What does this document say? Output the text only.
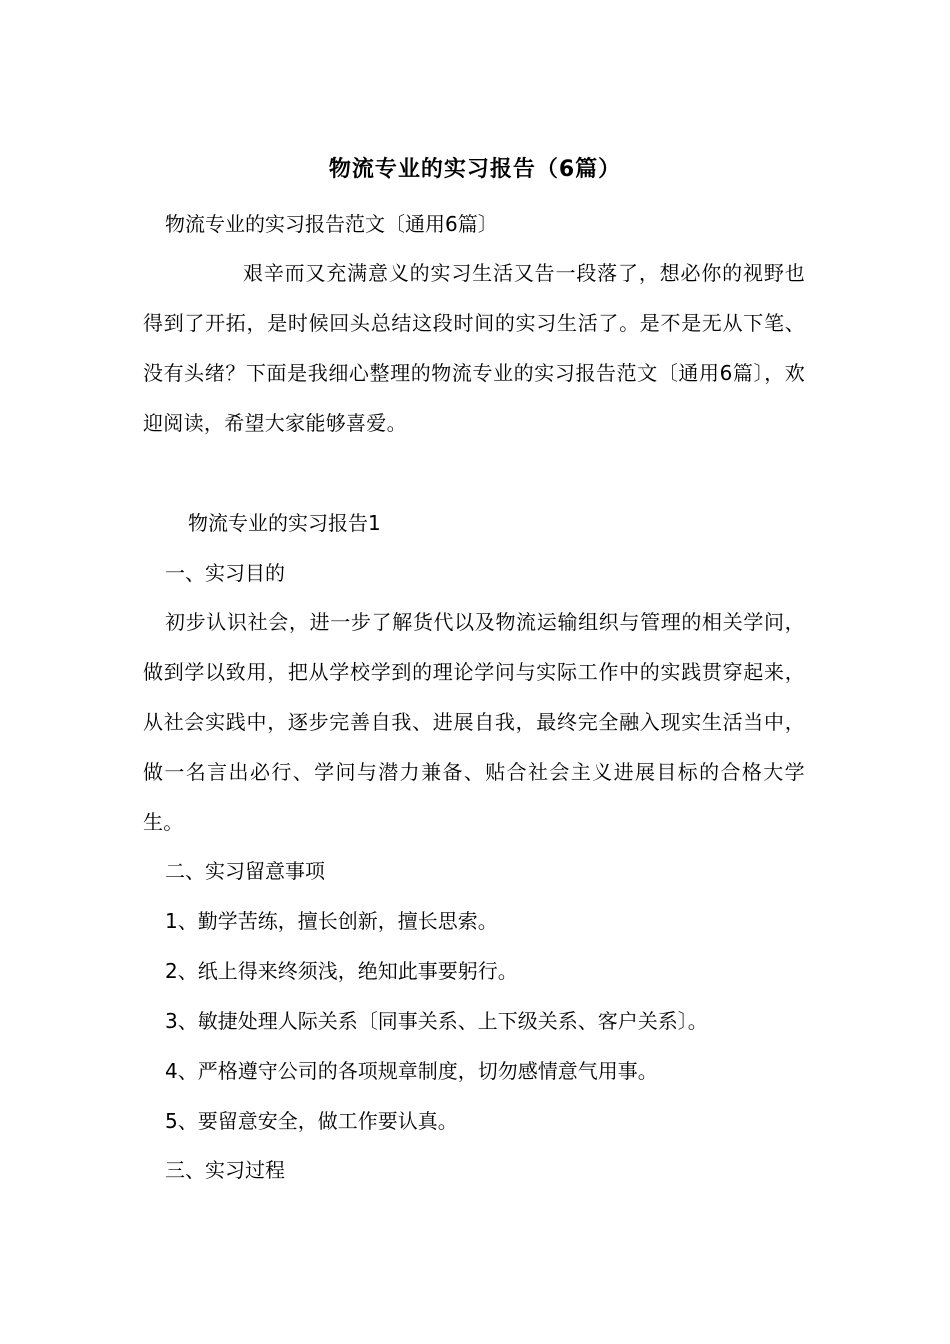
物流专业的实习报告（6篇）
物流专业的实习报告范文〔通用6篇〕
艰辛而又充满意义的实习生活又告一段落了，想必你的视野也得到了开拓，是时候回头总结这段时间的实习生活了。是不是无从下笔、没有头绪？下面是我细心整理的物流专业的实习报告范文〔通用6篇〕，欢迎阅读，希望大家能够喜爱。
物流专业的实习报告1
一、实习目的
初步认识社会，进一步了解货代以及物流运输组织与管理的相关学问，做到学以致用，把从学校学到的理论学问与实际工作中的实践贯穿起来，从社会实践中，逐步完善自我、进展自我，最终完全融入现实生活当中，做一名言出必行、学问与潜力兼备、贴合社会主义进展目标的合格大学生。
二、实习留意事项
1、勤学苦练，擅长创新，擅长思索。
2、纸上得来终须浅，绝知此事要躬行。
3、敏捷处理人际关系〔同事关系、上下级关系、客户关系〕。
4、严格遵守公司的各项规章制度，切勿感情意气用事。
5、要留意安全，做工作要认真。
三、实习过程
